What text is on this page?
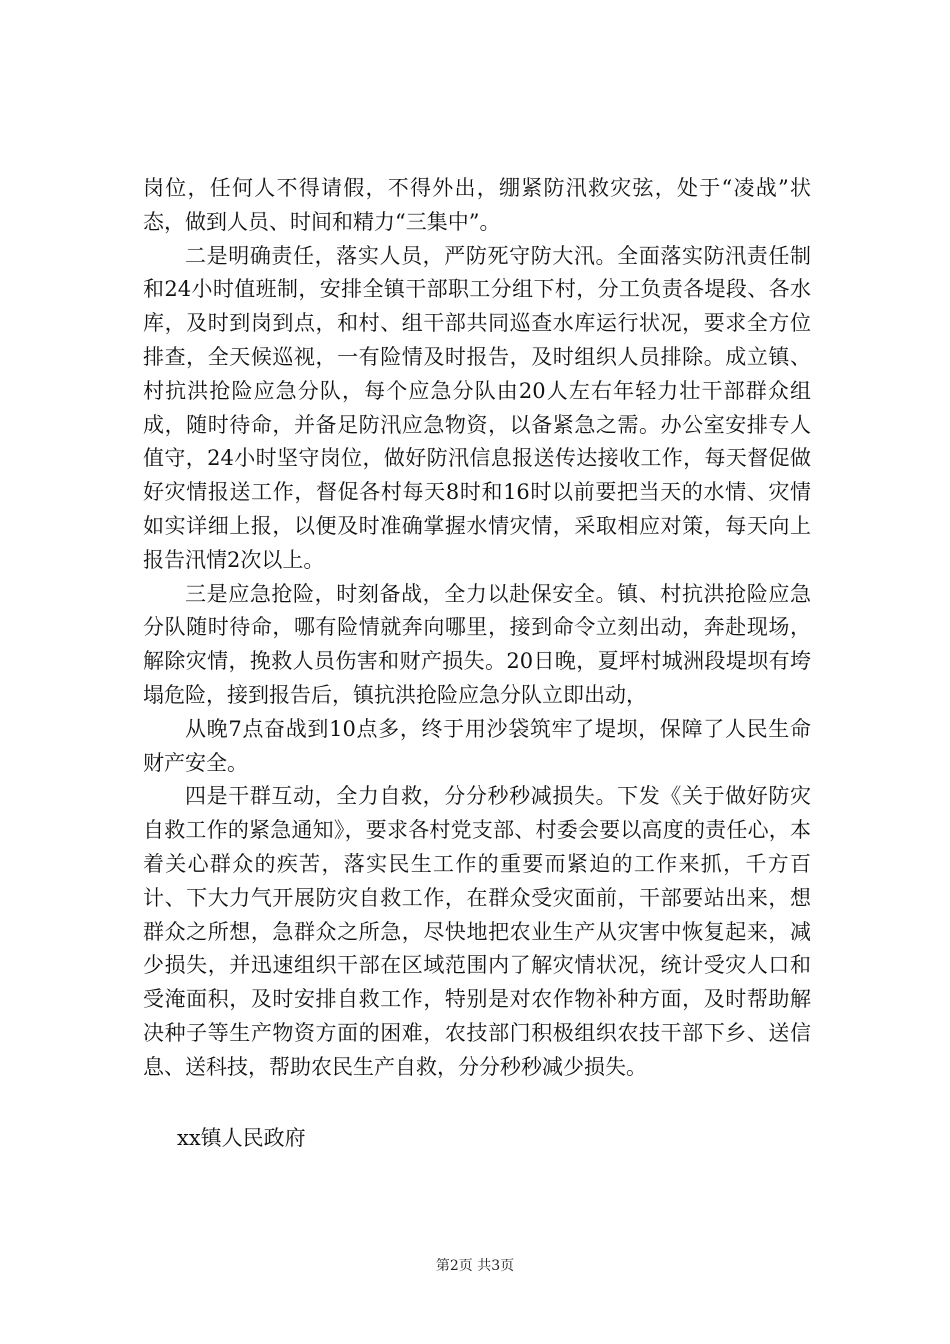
岗位，任何人不得请假，不得外出，绷紧防汛救灾弦，处于“凌战”状态，做到人员、时间和精力“三集中”。

二是明确责任，落实人员，严防死守防大汛。全面落实防汛责任制和24小时值班制，安排全镇干部职工分组下村，分工负责各堤段、各水库，及时到岗到点，和村、组干部共同巡查水库运行状况，要求全方位排查，全天候巡视，一有险情及时报告，及时组织人员排除。成立镇、村抗洪抢险应急分队，每个应急分队由20人左右年轻力壮干部群众组成，随时待命，并备足防汛应急物资，以备紧急之需。办公室安排专人值守，24小时坚守岗位，做好防汛信息报送传达接收工作，每天督促做好灾情报送工作，督促各村每天8时和16时以前要把当天的水情、灾情如实详细上报，以便及时准确掌握水情灾情，采取相应对策，每天向上报告汛情2次以上。

三是应急抢险，时刻备战，全力以赴保安全。镇、村抗洪抢险应急分队随时待命，哪有险情就奔向哪里，接到命令立刻出动，奔赴现场，解除灾情，挽救人员伤害和财产损失。20日晚，夏坪村城洲段堤坝有垮塌危险，接到报告后，镇抗洪抢险应急分队立即出动，

从晚7点奋战到10点多，终于用沙袋筑牢了堤坝，保障了人民生命财产安全。

四是干群互动，全力自救，分分秒秒减损失。下发《关于做好防灾自救工作的紧急通知》，要求各村党支部、村委会要以高度的责任心，本着关心群众的疾苦，落实民生工作的重要而紧迫的工作来抓，千方百计、下大力气开展防灾自救工作，在群众受灾面前，干部要站出来，想群众之所想，急群众之所急，尽快地把农业生产从灾害中恢复起来，减少损失，并迅速组织干部在区域范围内了解灾情状况，统计受灾人口和受淹面积，及时安排自救工作，特别是对农作物补种方面，及时帮助解决种子等生产物资方面的困难，农技部门积极组织农技干部下乡、送信息、送科技，帮助农民生产自救，分分秒秒减少损失。

xx镇人民政府
第2页 共3页
